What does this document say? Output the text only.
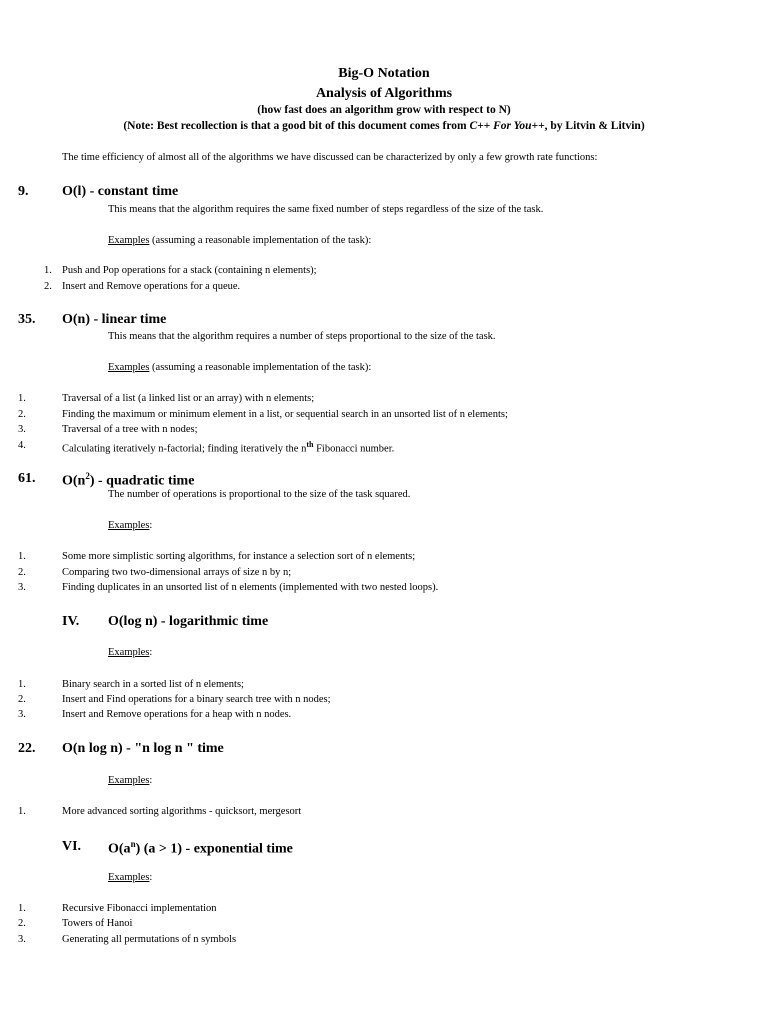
Big-O Notation
Analysis of Algorithms
(how fast does an algorithm grow with respect to N)
(Note: Best recollection is that a good bit of this document comes from C++ For You++, by Litvin & Litvin)
The time efficiency of almost all of the algorithms we have discussed can be characterized by only a few growth rate functions:
9. O(l) - constant time
This means that the algorithm requires the same fixed number of steps regardless of the size of the task.
Examples (assuming a reasonable implementation of the task):
1. Push and Pop operations for a stack (containing n elements);
2. Insert and Remove operations for a queue.
35. O(n) - linear time
This means that the algorithm requires a number of steps proportional to the size of the task.
Examples (assuming a reasonable implementation of the task):
1.	Traversal of a list (a linked list or an array) with n elements;
2.	Finding the maximum or minimum element in a list, or sequential search in an unsorted list of n elements;
3.	Traversal of a tree with n nodes;
4.	Calculating iteratively n-factorial; finding iteratively the $n^{th}$ Fibonacci number.
61. $O(n^2)$ - quadratic time
The number of operations is proportional to the size of the task squared.
Examples:
1.	Some more simplistic sorting algorithms, for instance a selection sort of n elements;
2.	Comparing two two-dimensional arrays of size n by n;
3.	Finding duplicates in an unsorted list of n elements (implemented with two nested loops).
IV. O(log n) - logarithmic time
Examples:
1.	Binary search in a sorted list of n elements;
2.	Insert and Find operations for a binary search tree with n nodes;
3.	Insert and Remove operations for a heap with n nodes.
22. O(n log n) - "n log n " time
Examples:
1.	More advanced sorting algorithms - quicksort, mergesort
VI. $O(a^n) (a > 1)$ - exponential time
Examples:
1.	Recursive Fibonacci implementation
2.	Towers of Hanoi
3.	Generating all permutations of n symbols
